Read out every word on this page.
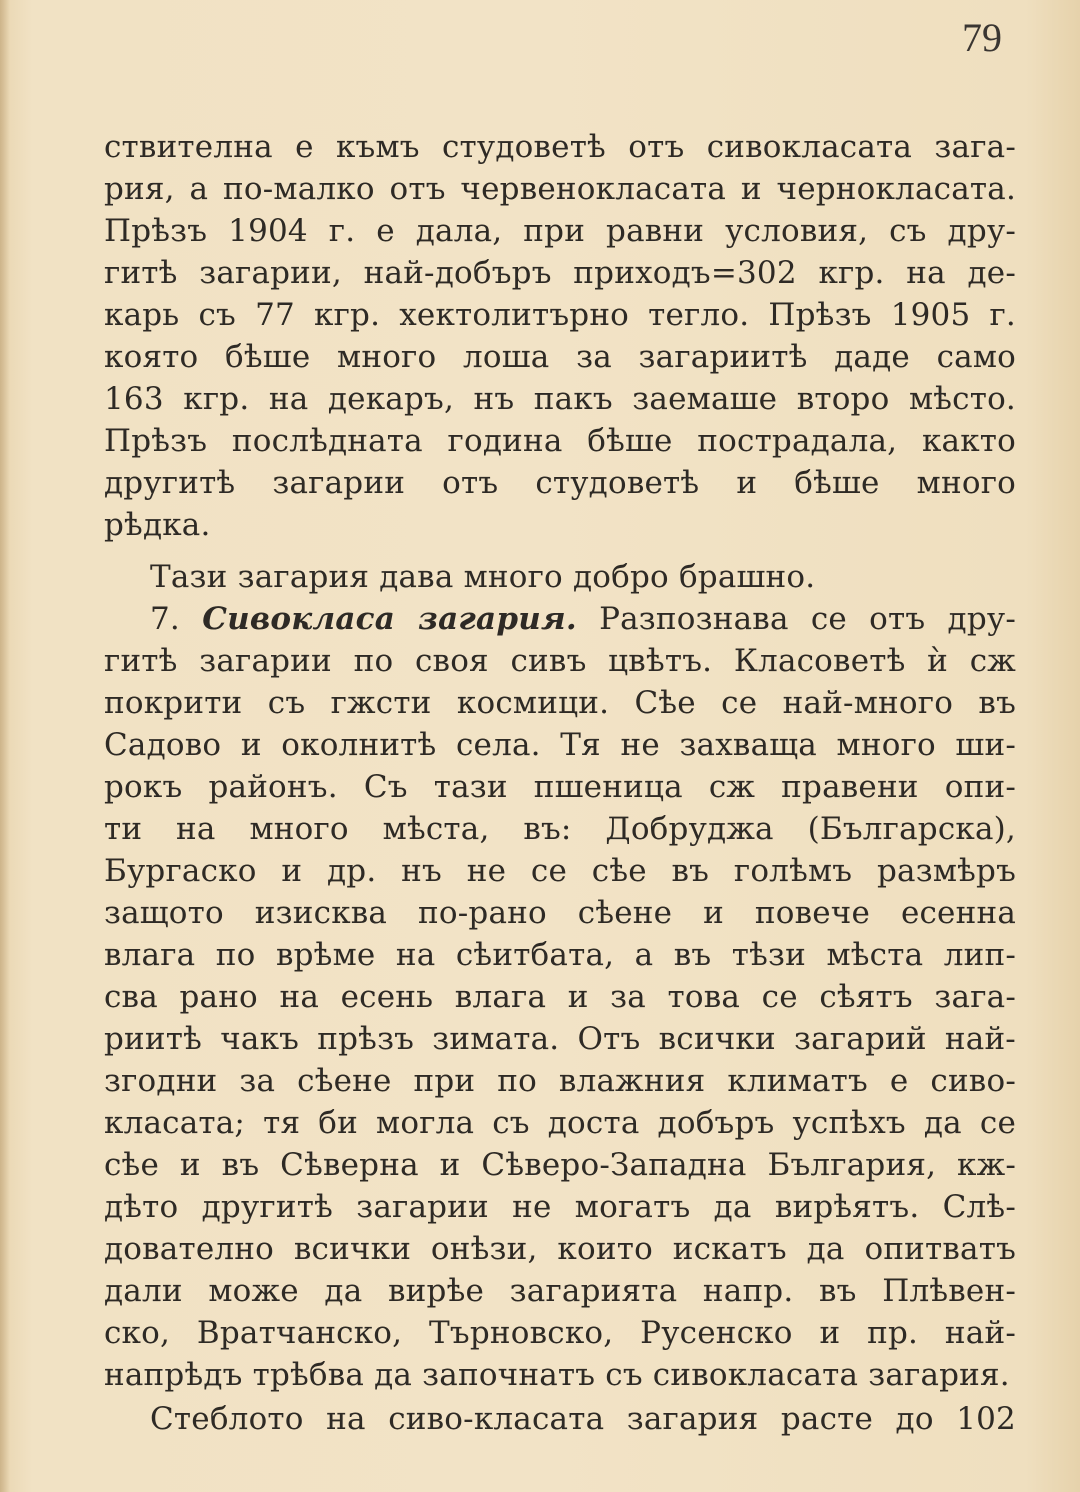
79
ствителна е къмъ студоветѣ отъ сивокласата зага-
рия, а по-малко отъ червенокласата и чернокласата.
Прѣзъ 1904 г. е дала, при равни условия, съ дру-
гитѣ загарии, най-добъръ приходъ=302 кгр. на де-
карь съ 77 кгр. хектолитърно тегло. Прѣзъ 1905 г.
която бѣше много лоша за загариитѣ даде само
163 кгр. на декаръ, нъ пакъ заемаше второ мѣсто.
Прѣзъ послѣдната година бѣше пострадала, както
другитѣ загарии отъ студоветѣ и бѣше много
рѣдка.
Тази загария дава много добро брашно.
7. Сивокласа загария. Разпознава се отъ дру-
гитѣ загарии по своя сивъ цвѣтъ. Класоветѣ ѝ сж
покрити съ гжсти космици. Сѣе се най-много въ
Садово и околнитѣ села. Тя не захваща много ши-
рокъ районъ. Съ тази пшеница сж правени опи-
ти на много мѣста, въ: Добруджа (Българска),
Бургаско и др. нъ не се сѣе въ голѣмъ размѣръ
защото изисква по-рано сѣене и повече есенна
влага по врѣме на сѣитбата, а въ тѣзи мѣста лип-
сва рано на есень влага и за това се сѣятъ зага-
риитѣ чакъ прѣзъ зимата. Отъ всички загарий най-
згодни за сѣене при по влажния климатъ е сиво-
класата; тя би могла съ доста добъръ успѣхъ да се
сѣе и въ Сѣверна и Сѣверо-Западна България, кж-
дѣто другитѣ загарии не могатъ да вирѣятъ. Слѣ-
дователно всички онѣзи, които искатъ да опитватъ
дали може да вирѣе загарията напр. въ Плѣвен-
ско, Вратчанско, Търновско, Русенско и пр. най-
напрѣдъ трѣбва да започнатъ съ сивокласата загария.
Стеблото на сиво-класата загария расте до 102
